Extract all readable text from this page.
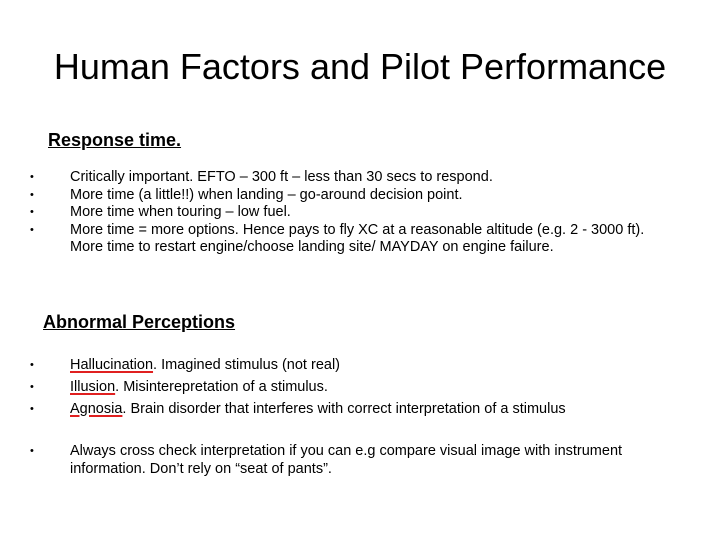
Human Factors and Pilot Performance
Response time.
• Critically important. EFTO – 300 ft – less than 30 secs to respond.
• More time (a little!!) when landing – go-around decision point.
• More time when touring – low fuel.
• More time = more options. Hence pays to fly XC at a reasonable altitude (e.g. 2 - 3000 ft). More time to restart engine/choose landing site/ MAYDAY on engine failure.
Abnormal Perceptions
• Hallucination. Imagined stimulus (not real)
• Illusion. Misinterepretation of a stimulus.
• Agnosia. Brain disorder that interferes with correct interpretation of a stimulus
• Always cross check interpretation if you can e.g compare visual image with instrument information. Don’t rely on “seat of pants”.
